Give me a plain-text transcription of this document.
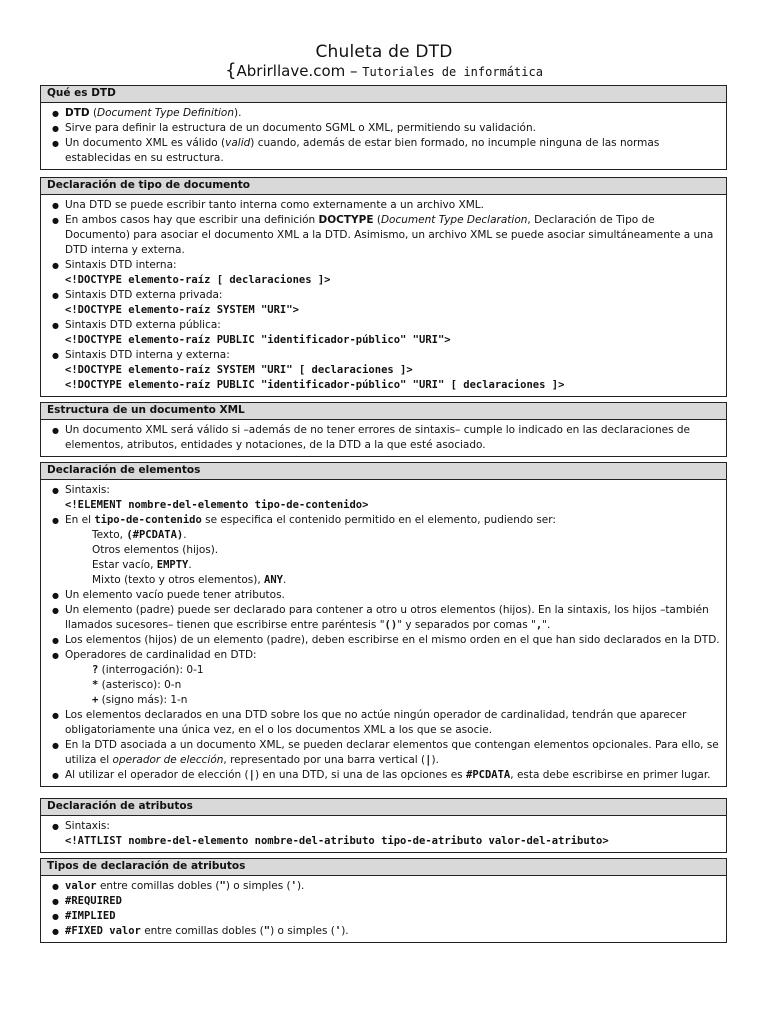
Chuleta de DTD
{Abrirllave.com – Tutoriales de informática
Qué es DTD
● DTD (Document Type Definition).
● Sirve para definir la estructura de un documento SGML o XML, permitiendo su validación.
● Un documento XML es válido (valid) cuando, además de estar bien formado, no incumple ninguna de las normas establecidas en su estructura.
Declaración de tipo de documento
● Una DTD se puede escribir tanto interna como externamente a un archivo XML.
● En ambos casos hay que escribir una definición DOCTYPE (Document Type Declaration, Declaración de Tipo de Documento) para asociar el documento XML a la DTD. Asimismo, un archivo XML se puede asociar simultáneamente a una DTD interna y externa.
● Sintaxis DTD interna:
<!DOCTYPE elemento-raíz [ declaraciones ]>
● Sintaxis DTD externa privada:
<!DOCTYPE elemento-raíz SYSTEM "URI">
● Sintaxis DTD externa pública:
<!DOCTYPE elemento-raíz PUBLIC "identificador-público" "URI">
● Sintaxis DTD interna y externa:
<!DOCTYPE elemento-raíz SYSTEM "URI" [ declaraciones ]>
<!DOCTYPE elemento-raíz PUBLIC "identificador-público" "URI" [ declaraciones ]>
Estructura de un documento XML
● Un documento XML será válido si –además de no tener errores de sintaxis– cumple lo indicado en las declaraciones de elementos, atributos, entidades y notaciones, de la DTD a la que esté asociado.
Declaración de elementos
● Sintaxis:
<!ELEMENT nombre-del-elemento tipo-de-contenido>
● En el tipo-de-contenido se especifica el contenido permitido en el elemento, pudiendo ser:
Texto, (#PCDATA).
Otros elementos (hijos).
Estar vacío, EMPTY.
Mixto (texto y otros elementos), ANY.
● Un elemento vacío puede tener atributos.
● Un elemento (padre) puede ser declarado para contener a otro u otros elementos (hijos). En la sintaxis, los hijos –también llamados sucesores– tienen que escribirse entre paréntesis "()" y separados por comas ",".
● Los elementos (hijos) de un elemento (padre), deben escribirse en el mismo orden en el que han sido declarados en la DTD.
● Operadores de cardinalidad en DTD:
? (interrogación): 0-1
* (asterisco): 0-n
+ (signo más): 1-n
● Los elementos declarados en una DTD sobre los que no actúe ningún operador de cardinalidad, tendrán que aparecer obligatoriamente una única vez, en el o los documentos XML a los que se asocie.
● En la DTD asociada a un documento XML, se pueden declarar elementos que contengan elementos opcionales. Para ello, se utiliza el operador de elección, representado por una barra vertical (|).
● Al utilizar el operador de elección (|) en una DTD, si una de las opciones es #PCDATA, esta debe escribirse en primer lugar.
Declaración de atributos
● Sintaxis:
<!ATTLIST nombre-del-elemento nombre-del-atributo tipo-de-atributo valor-del-atributo>
Tipos de declaración de atributos
● valor entre comillas dobles (") o simples (').
● #REQUIRED
● #IMPLIED
● #FIXED valor entre comillas dobles (") o simples (').
